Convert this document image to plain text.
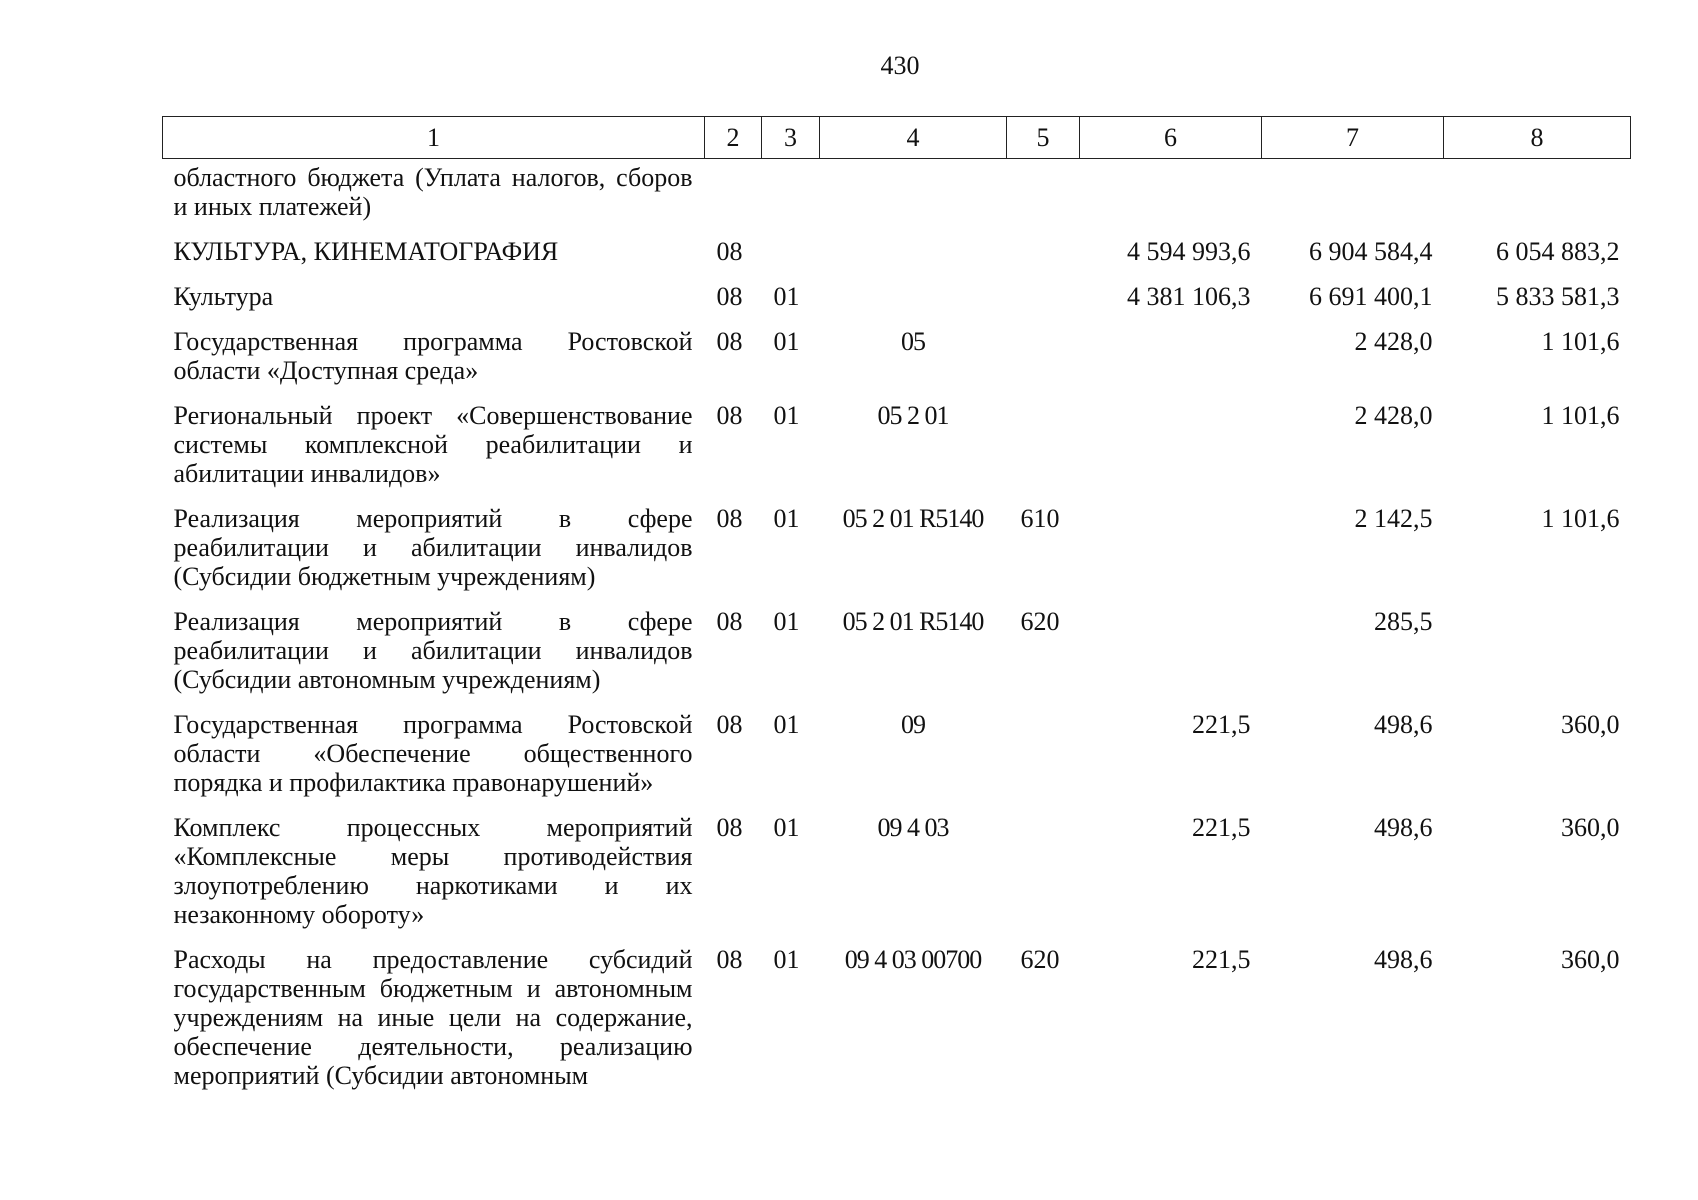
430
1	2	3	4	5	6	7	8
областного бюджета (Уплата налогов, сборов и иных платежей)							
КУЛЬТУРА, КИНЕМАТОГРАФИЯ	08				4 594 993,6	6 904 584,4	6 054 883,2
Культура	08	01			4 381 106,3	6 691 400,1	5 833 581,3
Государственная программа Ростовской области «Доступная среда»	08	01	05			2 428,0	1 101,6
Региональный проект «Совершенствование системы комплексной реабилитации и абилитации инвалидов»	08	01	05 2 01			2 428,0	1 101,6
Реализация мероприятий в сфере реабилитации и абилитации инвалидов (Субсидии бюджетным учреждениям)	08	01	05 2 01 R5140	610		2 142,5	1 101,6
Реализация мероприятий в сфере реабилитации и абилитации инвалидов (Субсидии автономным учреждениям)	08	01	05 2 01 R5140	620		285,5	
Государственная программа Ростовской области «Обеспечение общественного порядка и профилактика правонарушений»	08	01	09		221,5	498,6	360,0
Комплекс процессных мероприятий «Комплексные меры противодействия злоупотреблению наркотиками и их незаконному обороту»	08	01	09 4 03		221,5	498,6	360,0
Расходы на предоставление субсидий государственным бюджетным и автономным учреждениям на иные цели на содержание, обеспечение деятельности, реализацию мероприятий (Субсидии автономным	08	01	09 4 03 00700	620	221,5	498,6	360,0
